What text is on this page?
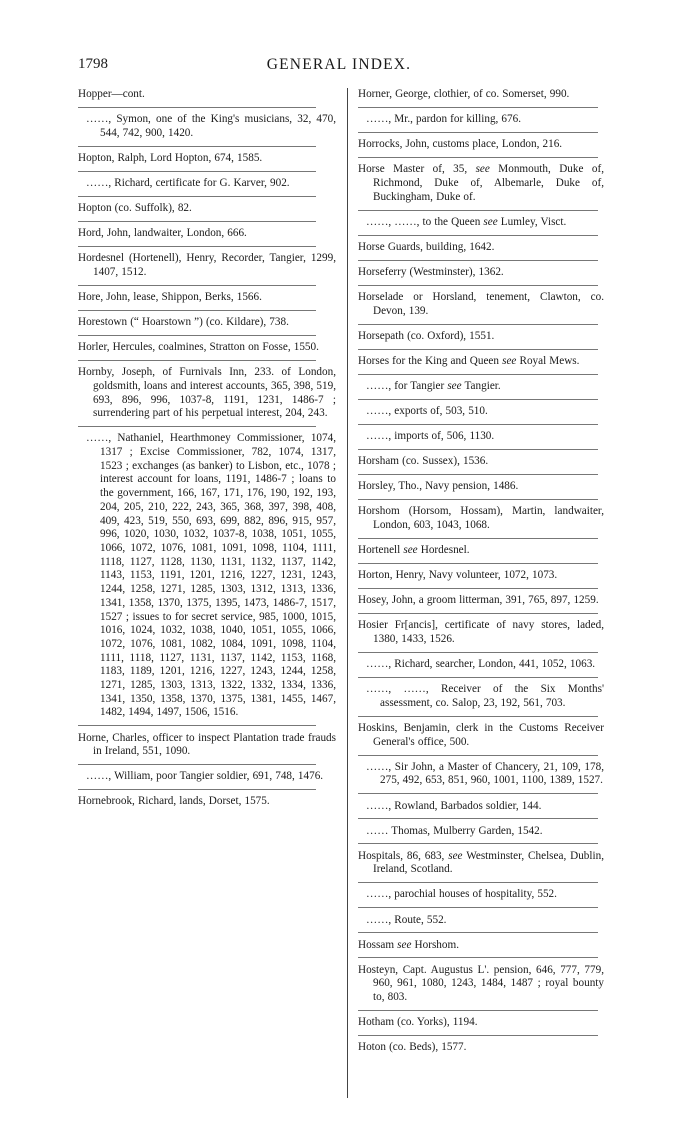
1798	GENERAL INDEX.
Hopper—cont.
……, Symon, one of the King's musicians, 32, 470, 544, 742, 900, 1420.
Hopton, Ralph, Lord Hopton, 674, 1585.
……, Richard, certificate for G. Karver, 902.
Hopton (co. Suffolk), 82.
Hord, John, landwaiter, London, 666.
Hordesnel (Hortenell), Henry, Recorder, Tangier, 1299, 1407, 1512.
Hore, John, lease, Shippon, Berks, 1566.
Horestown (“ Hoarstown ”) (co. Kildare), 738.
Horler, Hercules, coalmines, Stratton on Fosse, 1550.
Hornby, Joseph, of Furnivals Inn, 233. of London, goldsmith, loans and interest accounts, 365, 398, 519, 693, 896, 996, 1037-8, 1191, 1231, 1486-7 ; surrendering part of his perpetual interest, 204, 243.
……, Nathaniel, Hearthmoney Commissioner, 1074, 1317 ; Excise Commissioner, 782, 1074, 1317, 1523 ; exchanges (as banker) to Lisbon, etc., 1078 ; interest account for loans, 1191, 1486-7 ; loans to the government, 166, 167, 171, 176, 190, 192, 193, 204, 205, 210, 222, 243, 365, 368, 397, 398, 408, 409, 423, 519, 550, 693, 699, 882, 896, 915, 957, 996, 1020, 1030, 1032, 1037-8, 1038, 1051, 1055, 1066, 1072, 1076, 1081, 1091, 1098, 1104, 1111, 1118, 1127, 1128, 1130, 1131, 1132, 1137, 1142, 1143, 1153, 1191, 1201, 1216, 1227, 1231, 1243, 1244, 1258, 1271, 1285, 1303, 1312, 1313, 1336, 1341, 1358, 1370, 1375, 1395, 1473, 1486-7, 1517, 1527 ; issues to for secret service, 985, 1000, 1015, 1016, 1024, 1032, 1038, 1040, 1051, 1055, 1066, 1072, 1076, 1081, 1082, 1084, 1091, 1098, 1104, 1111, 1118, 1127, 1131, 1137, 1142, 1153, 1168, 1183, 1189, 1201, 1216, 1227, 1243, 1244, 1258, 1271, 1285, 1303, 1313, 1322, 1332, 1334, 1336, 1341, 1350, 1358, 1370, 1375, 1381, 1455, 1467, 1482, 1494, 1497, 1506, 1516.
Horne, Charles, officer to inspect Plantation trade frauds in Ireland, 551, 1090.
……, William, poor Tangier soldier, 691, 748, 1476.
Hornebrook, Richard, lands, Dorset, 1575.
Horner, George, clothier, of co. Somerset, 990.
……, Mr., pardon for killing, 676.
Horrocks, John, customs place, London, 216.
Horse Master of, 35, see Monmouth, Duke of, Richmond, Duke of, Albemarle, Duke of, Buckingham, Duke of.
……, ……, to the Queen see Lumley, Visct.
Horse Guards, building, 1642.
Horseferry (Westminster), 1362.
Horselade or Horsland, tenement, Clawton, co. Devon, 139.
Horsepath (co. Oxford), 1551.
Horses for the King and Queen see Royal Mews.
……, for Tangier see Tangier.
……, exports of, 503, 510.
……, imports of, 506, 1130.
Horsham (co. Sussex), 1536.
Horsley, Tho., Navy pension, 1486.
Horshom (Horsom, Hossam), Martin, landwaiter, London, 603, 1043, 1068.
Hortenell see Hordesnel.
Horton, Henry, Navy volunteer, 1072, 1073.
Hosey, John, a groom litterman, 391, 765, 897, 1259.
Hosier Fr[ancis], certificate of navy stores, laded, 1380, 1433, 1526.
……, Richard, searcher, London, 441, 1052, 1063.
……, ……, Receiver of the Six Months' assessment, co. Salop, 23, 192, 561, 703.
Hoskins, Benjamin, clerk in the Customs Receiver General's office, 500.
……, Sir John, a Master of Chancery, 21, 109, 178, 275, 492, 653, 851, 960, 1001, 1100, 1389, 1527.
……, Rowland, Barbados soldier, 144.
…… Thomas, Mulberry Garden, 1542.
Hospitals, 86, 683, see Westminster, Chelsea, Dublin, Ireland, Scotland.
……, parochial houses of hospitality, 552.
……, Route, 552.
Hossam see Horshom.
Hosteyn, Capt. Augustus L'. pension, 646, 777, 779, 960, 961, 1080, 1243, 1484, 1487 ; royal bounty to, 803.
Hotham (co. Yorks), 1194.
Hoton (co. Beds), 1577.
